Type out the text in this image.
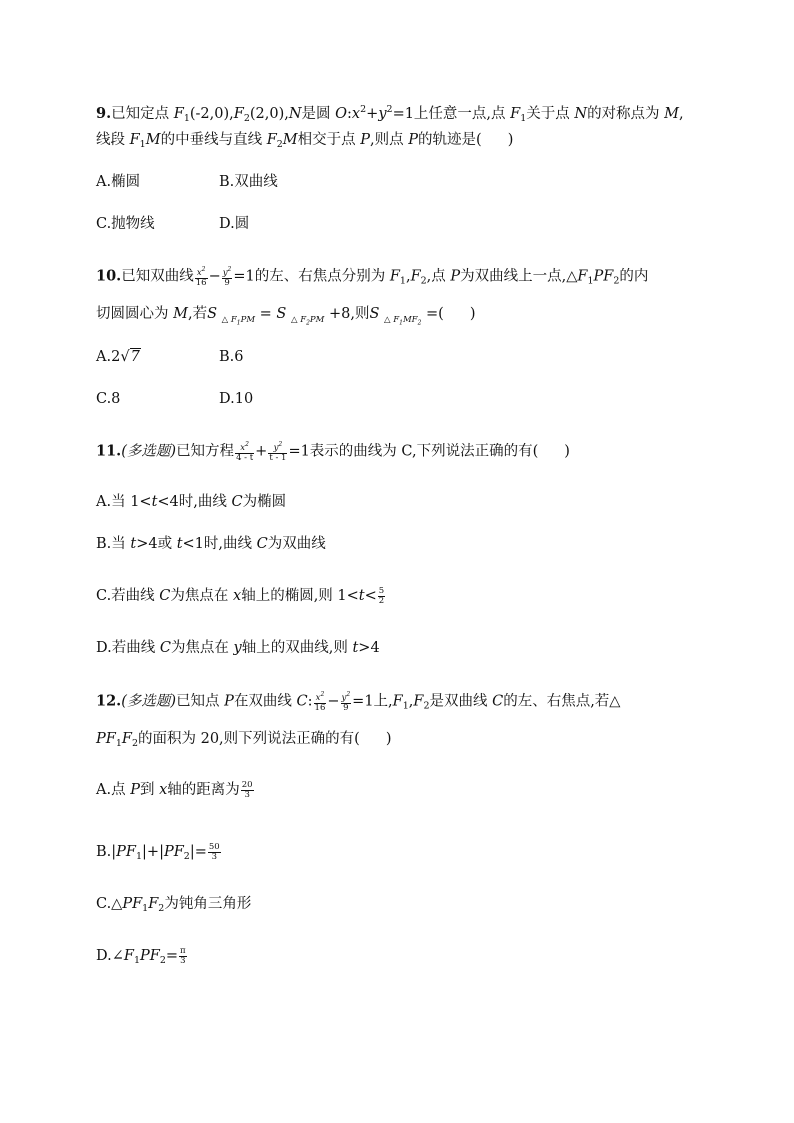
9.已知定点 $F_1(-2,0),F_2(2,0),N$是圆 $O:x^2+y^2=1$上任意一点,点 $F_1$关于点 N的对称点为 M,
线段 $F_1M$的中垂线与直线 $F_2M$相交于点 P,则点 P的轨迹是( )
A.椭圆	B.双曲线
C.抛物线	D.圆
10.已知双曲线 $\frac{x^2}{16} - \frac{y^2}{9} =1$的左、右焦点分别为 $F_1,F_2$,点 P为双曲线上一点$,\triangle F_1PF_2$的内
切圆圆心为 M,若S $_{\triangle F_1PM}$ = S $_{\triangle F_2PM}$ +8,则S $_{\triangle F_1MF_2}$ =( )
A.2√7	B.6
C.8	D.10
11.(多选题)已知方程 $\frac{x^2}{4 - t} + \frac{y^2}{t - 1} =1$表示的曲线为 C,下列说法正确的有( )
A.当 1<t<4时,曲线 C为椭圆
B.当 t>4或 t<1时,曲线 C为双曲线
C.若曲线 C为焦点在 x轴上的椭圆,则 $1<t< \frac{5}{2}$
D.若曲线 C为焦点在 y轴上的双曲线,则 t>4
12.(多选题)已知点 P在双曲线 C: $\frac{x^2}{16} - \frac{y^2}{9} =1$上$,F_1,F_2$是双曲线 C的左、右焦点,若△
$PF_1F_2$的面积为 20,则下列说法正确的有( )
A.点 P到 x轴的距离为 $\frac{20}{3}$
$B.|PF_1|+|PF_2|= \frac{50}{3}$
$C.\triangle PF_1F_2$为钝角三角形
$D.\angle F_1PF_2= \frac{\pi}{3}$
